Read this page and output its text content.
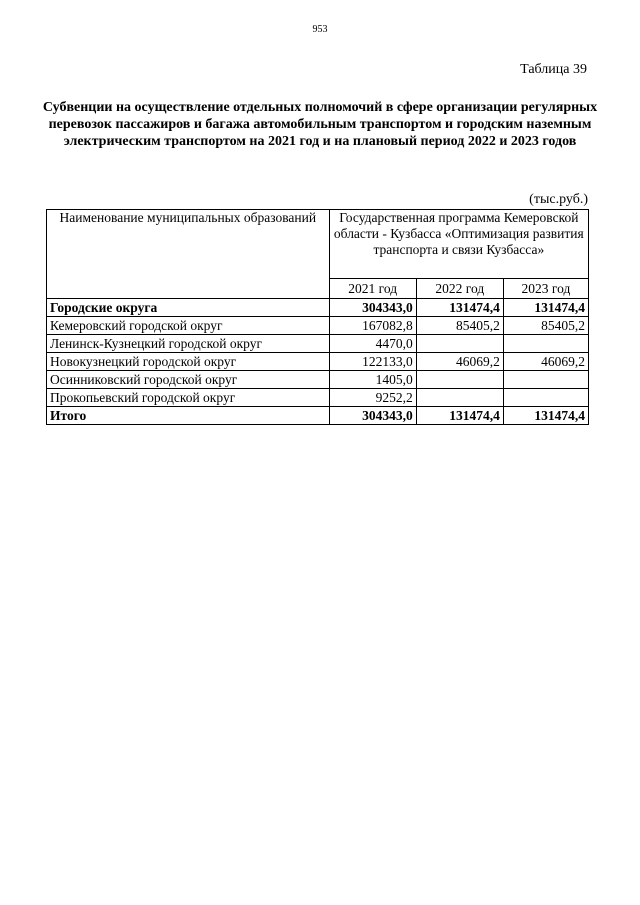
953
Таблица 39
Субвенции на осуществление отдельных полномочий в сфере организации регулярных перевозок пассажиров и багажа автомобильным транспортом и городским наземным электрическим транспортом на 2021 год и на плановый период 2022 и 2023 годов
(тыс.руб.)
Наименование муниципальных образований	Государственная программа Кемеровской области - Кузбасса «Оптимизация развития транспорта и связи Кузбасса»		
	2021 год	2022 год	2023 год
Городские округа	304343,0	131474,4	131474,4
Кемеровский городской округ	167082,8	85405,2	85405,2
Ленинск-Кузнецкий городской округ	4470,0		
Новокузнецкий городской округ	122133,0	46069,2	46069,2
Осинниковский городской округ	1405,0		
Прокопьевский городской округ	9252,2		
Итого	304343,0	131474,4	131474,4
